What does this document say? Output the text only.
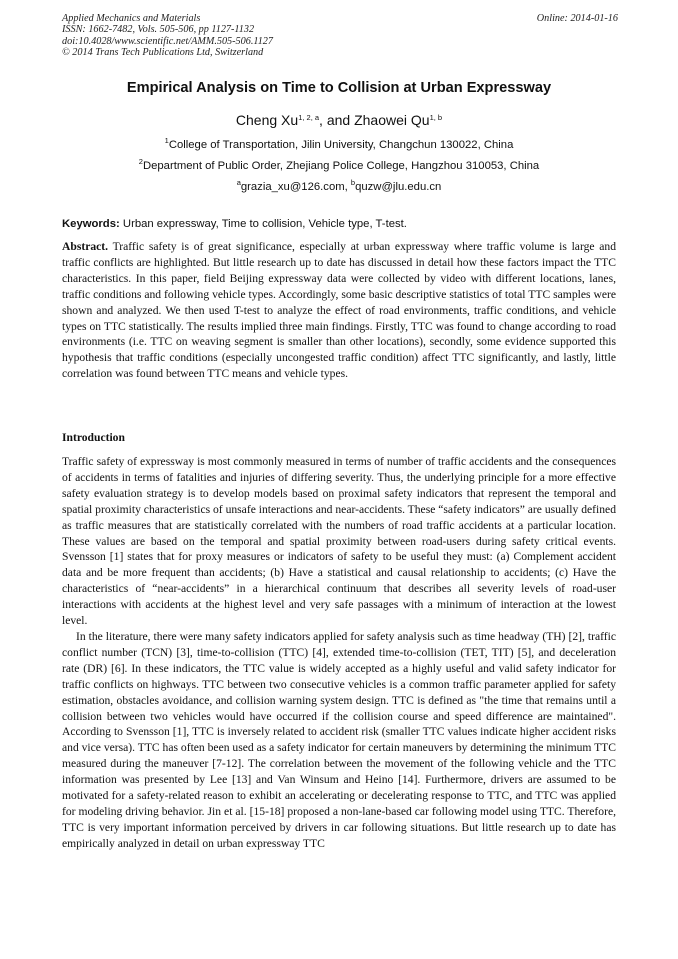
Applied Mechanics and Materials
ISSN: 1662-7482, Vols. 505-506, pp 1127-1132
doi:10.4028/www.scientific.net/AMM.505-506.1127
© 2014 Trans Tech Publications Ltd, Switzerland
Online: 2014-01-16
Empirical Analysis on Time to Collision at Urban Expressway
Cheng Xu$^{1, 2, a}$, and Zhaowei Qu$^{1, b}$
$^1$College of Transportation, Jilin University, Changchun 130022, China
$^2$Department of Public Order, Zhejiang Police College, Hangzhou 310053, China
$^a$grazia_xu@126.com, $^b$quzw@jlu.edu.cn
Keywords: Urban expressway, Time to collision, Vehicle type, T-test.
Abstract. Traffic safety is of great significance, especially at urban expressway where traffic volume is large and traffic conflicts are highlighted. But little research up to date has discussed in detail how these factors impact the TTC characteristics. In this paper, field Beijing expressway data were collected by video with different locations, lanes, traffic conditions and following vehicle types. Accordingly, some basic descriptive statistics of total TTC samples were shown and analyzed. We then used T-test to analyze the effect of road environments, traffic conditions, and vehicle types on TTC statistically. The results implied three main findings. Firstly, TTC was found to change according to road environments (i.e. TTC on weaving segment is smaller than other locations), secondly, some evidence supported this hypothesis that traffic conditions (especially uncongested traffic condition) affect TTC significantly, and lastly, little correlation was found between TTC means and vehicle types.
Introduction

Traffic safety of expressway is most commonly measured in terms of number of traffic accidents and the consequences of accidents in terms of fatalities and injuries of differing severity. Thus, the underlying principle for a more effective safety evaluation strategy is to develop models based on proximal safety indicators that represent the temporal and spatial proximity characteristics of unsafe interactions and near-accidents. These “safety indicators” are usually defined as traffic measures that are statistically correlated with the numbers of road traffic accidents at a particular location. These values are based on the temporal and spatial proximity between road-users during safety critical events. Svensson [1] states that for proxy measures or indicators of safety to be useful they must: (a) Complement accident data and be more frequent than accidents; (b) Have a statistical and causal relationship to accidents; (c) Have the characteristics of “near-accidents” in a hierarchical continuum that describes all severity levels of road-user interactions with accidents at the highest level and very safe passages with a minimum of interaction at the lowest level.

In the literature, there were many safety indicators applied for safety analysis such as time headway (TH) [2], traffic conflict number (TCN) [3], time-to-collision (TTC) [4], extended time-to-collision (TET, TIT) [5], and deceleration rate (DR) [6]. In these indicators, the TTC value is widely accepted as a highly useful and valid safety indicator for traffic conflicts on highways. TTC between two consecutive vehicles is a common traffic parameter applied for safety estimation, obstacles avoidance, and collision warning system design. TTC is defined as "the time that remains until a collision between two vehicles would have occurred if the collision course and speed difference are maintained". According to Svensson [1], TTC is inversely related to accident risk (smaller TTC values indicate higher accident risks and vice versa). TTC has often been used as a safety indicator for certain maneuvers by determining the minimum TTC measured during the maneuver [7-12]. The correlation between the movement of the following vehicle and the TTC information was presented by Lee [13] and Van Winsum and Heino [14]. Furthermore, drivers are assumed to be motivated for a safety-related reason to exhibit an accelerating or decelerating response to TTC, and TTC was applied for modeling driving behavior. Jin et al. [15-18] proposed a non-lane-based car following model using TTC. Therefore, TTC is very important information perceived by drivers in car following situations. But little research up to date has empirically analyzed in detail on urban expressway TTC
